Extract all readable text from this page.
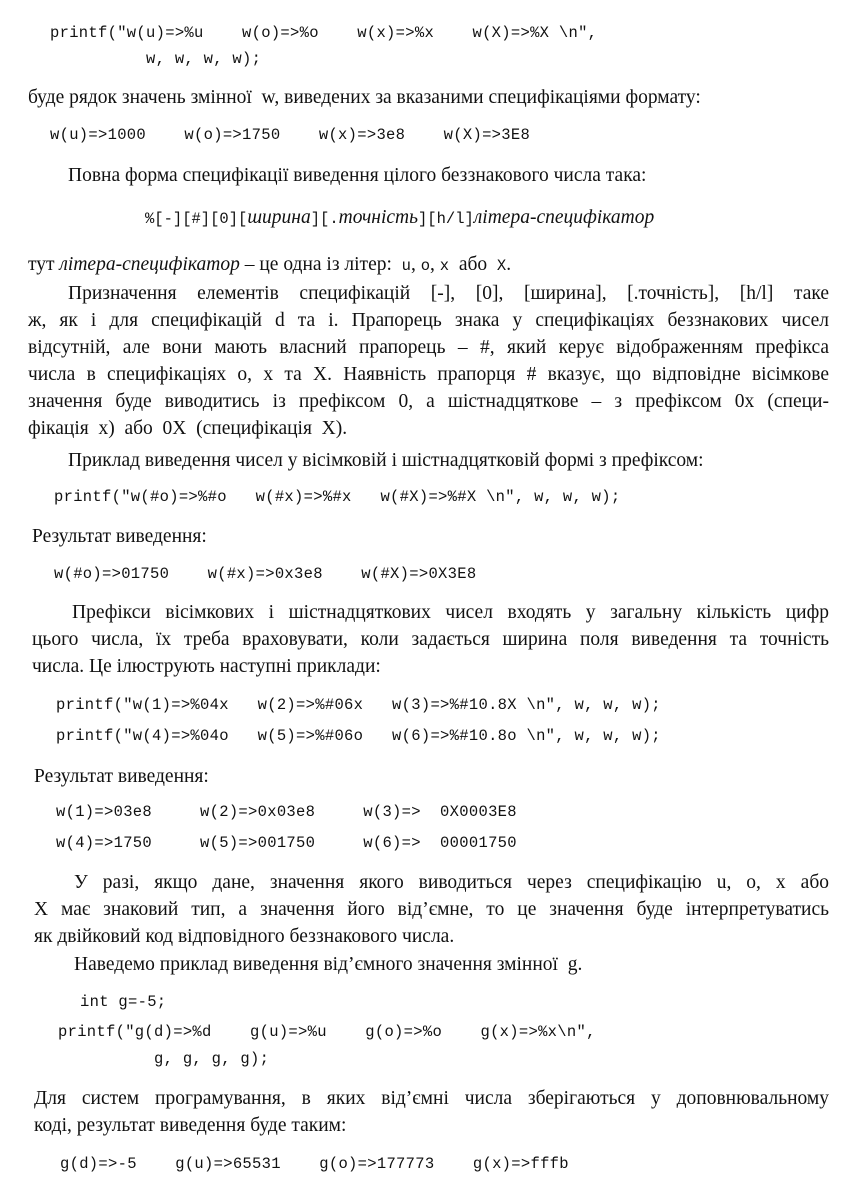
printf("w(u)=>%u    w(o)=>%o    w(x)=>%x    w(X)=>%X \n",
w, w, w, w);
буде рядок значень змінної  w, виведених за вказаними специфікаціями формату:
w(u)=>1000    w(o)=>1750    w(x)=>3e8    w(X)=>3E8
Повна форма специфікації виведення цілого беззнакового числа така:
%[-][#][0][ширина][.точність][h/l]літера-специфікатор
тут літера-специфікатор – це одна із літер:  u, o, x  або  X.
Призначення елементів специфікацій [-], [0], [ширина], [.точність], [h/l] таке
ж, як і для специфікацій d та i. Прапорець знака у специфікаціях беззнакових чисел
відсутній, але вони мають власний прапорець – #, який керує відображенням префікса
числа в специфікаціях o, x та X. Наявність прапорця # вказує, що відповідне вісімкове
значення буде виводитись із префіксом 0, а шістнадцяткове – з префіксом 0x (специ-
фікація  x)  або  0X  (специфікація  X).
Приклад виведення чисел у вісімковій і шістнадцятковій формі з префіксом:
printf("w(#o)=>%#o   w(#x)=>%#x   w(#X)=>%#X \n", w, w, w);
Результат виведення:
w(#o)=>01750    w(#x)=>0x3e8    w(#X)=>0X3E8
Префікси вісімкових і шістнадцяткових чисел входять у загальну кількість цифр
цього числа, їх треба враховувати, коли задається ширина поля виведення та точність
числа. Це ілюструють наступні приклади:
printf("w(1)=>%04x   w(2)=>%#06x   w(3)=>%#10.8X \n", w, w, w);
printf("w(4)=>%04o   w(5)=>%#06o   w(6)=>%#10.8o \n", w, w, w);
Результат виведення:
w(1)=>03e8     w(2)=>0x03e8     w(3)=>  0X0003E8
w(4)=>1750     w(5)=>001750     w(6)=>  00001750
У разі, якщо дане, значення якого виводиться через специфікацію u, o, x або
X має знаковий тип, а значення його від’ємне, то це значення буде інтерпретуватись
як двійковий код відповідного беззнакового числа.
Наведемо приклад виведення від’ємного значення змінної  g.
int g=-5;
printf("g(d)=>%d    g(u)=>%u    g(o)=>%o    g(x)=>%x\n",
g, g, g, g);
Для систем програмування, в яких від’ємні числа зберігаються у доповнювальному
коді, результат виведення буде таким:
g(d)=>-5    g(u)=>65531    g(o)=>177773    g(x)=>fffb
